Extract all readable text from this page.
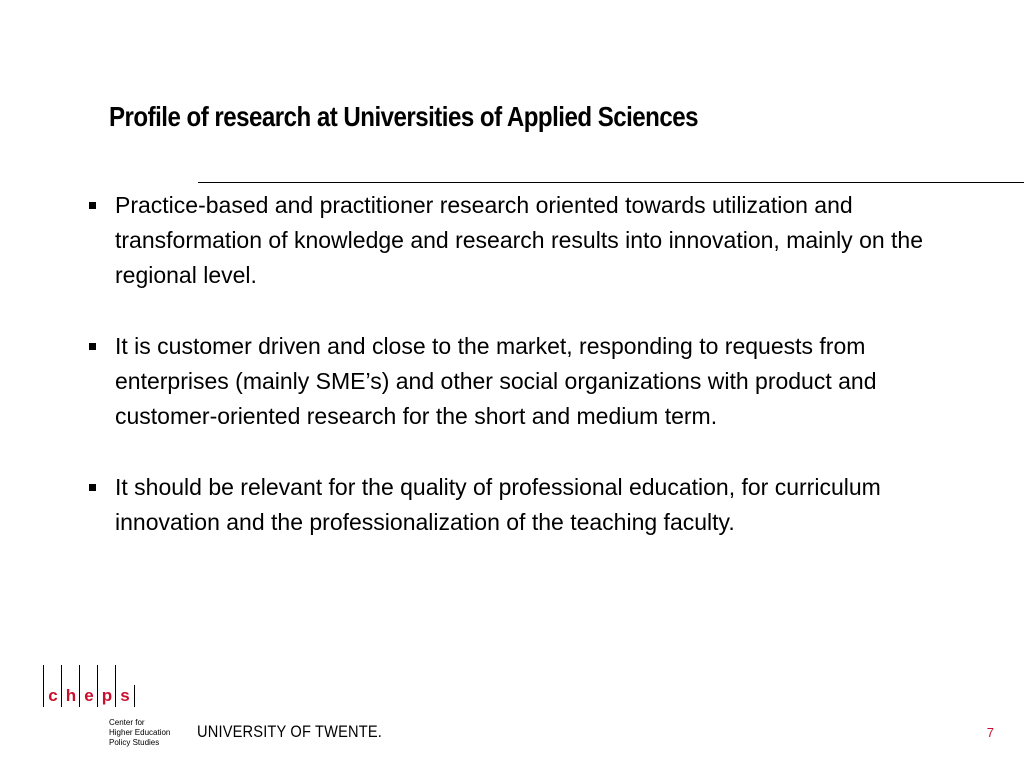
Profile of research at Universities of Applied Sciences
Practice-based and practitioner research oriented towards utilization and transformation of knowledge and research results into innovation, mainly on the regional level.
It is customer driven and close to the market, responding to requests from enterprises (mainly SME’s) and other social organizations with product and customer-oriented research for the short and medium term.
It should be relevant for the quality of professional education, for curriculum innovation and the professionalization of the teaching faculty.
c h e p s
Center for
Higher Education
Policy Studies
UNIVERSITY OF TWENTE.	7
